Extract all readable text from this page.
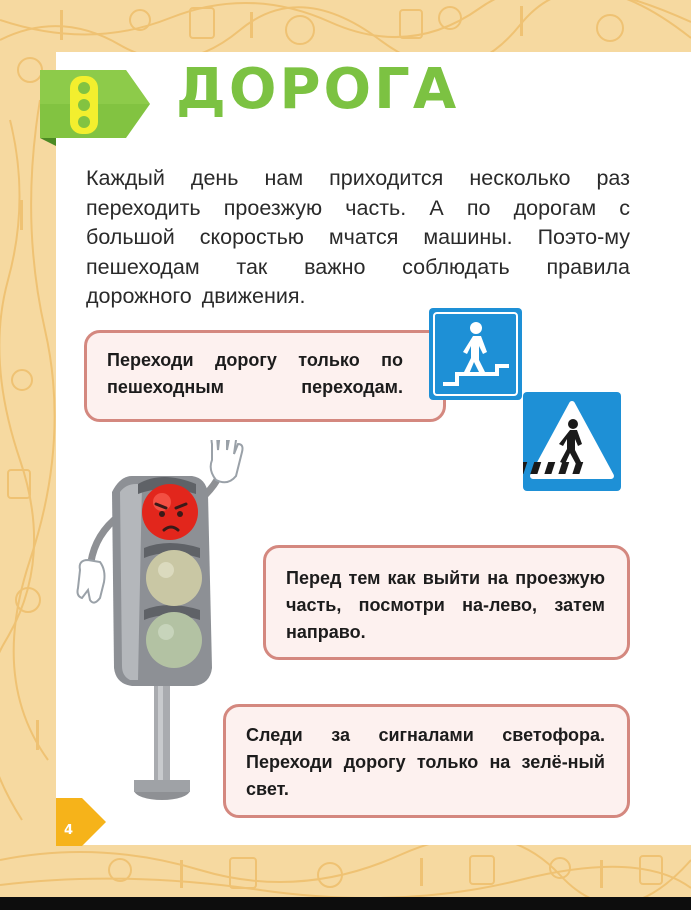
ДОРОГА
Каждый день нам приходится несколько раз переходить проезжую часть. А по дорогам с большой скоростью мчатся машины. Поэто-му пешеходам так важно соблюдать правила дорожного движения.

Переходи дорогу только по пешеходным переходам.

Перед тем как выйти на проезжую часть, посмотри на-лево, затем направо.

Следи за сигналами светофора. Переходи дорогу только на зелё-ный свет.

4
